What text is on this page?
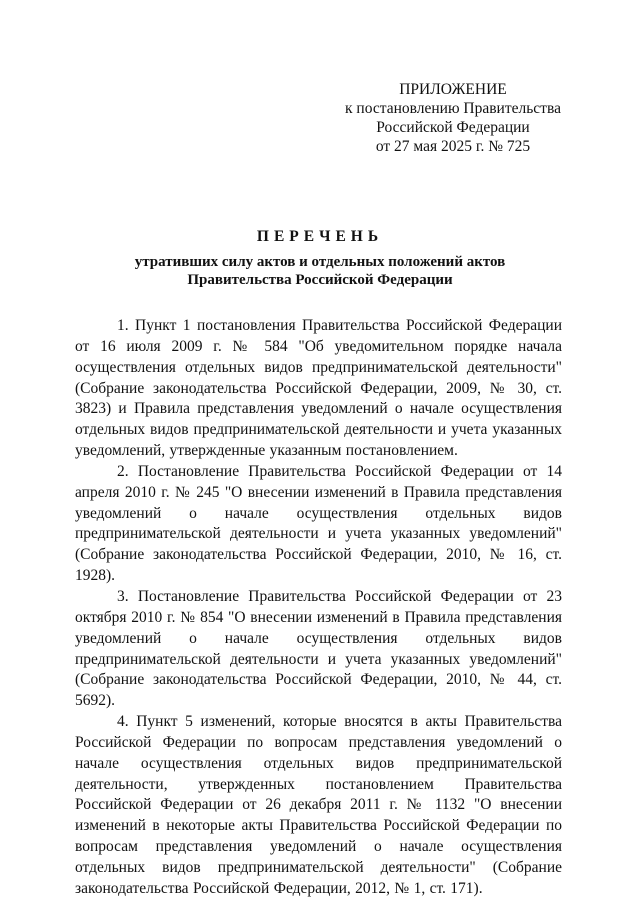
ПРИЛОЖЕНИЕ
к постановлению Правительства
Российской Федерации
от 27 мая 2025 г. № 725
ПЕРЕЧЕНЬ
утративших силу актов и отдельных положений актов
Правительства Российской Федерации

1. Пункт 1 постановления Правительства Российской Федерации от 16 июля 2009 г. № 584 "Об уведомительном порядке начала осуществления отдельных видов предпринимательской деятельности" (Собрание законодательства Российской Федерации, 2009, № 30, ст. 3823) и Правила представления уведомлений о начале осуществления отдельных видов предпринимательской деятельности и учета указанных уведомлений, утвержденные указанным постановлением.

2. Постановление Правительства Российской Федерации от 14 апреля 2010 г. № 245 "О внесении изменений в Правила представления уведомлений о начале осуществления отдельных видов предпринимательской деятельности и учета указанных уведомлений" (Собрание законодательства Российской Федерации, 2010, № 16, ст. 1928).

3. Постановление Правительства Российской Федерации от 23 октября 2010 г. № 854 "О внесении изменений в Правила представления уведомлений о начале осуществления отдельных видов предпринимательской деятельности и учета указанных уведомлений" (Собрание законодательства Российской Федерации, 2010, № 44, ст. 5692).

4. Пункт 5 изменений, которые вносятся в акты Правительства Российской Федерации по вопросам представления уведомлений о начале осуществления отдельных видов предпринимательской деятельности, утвержденных постановлением Правительства Российской Федерации от 26 декабря 2011 г. № 1132 "О внесении изменений в некоторые акты Правительства Российской Федерации по вопросам представления уведомлений о начале осуществления отдельных видов предпринимательской деятельности" (Собрание законодательства Российской Федерации, 2012, № 1, ст. 171).
